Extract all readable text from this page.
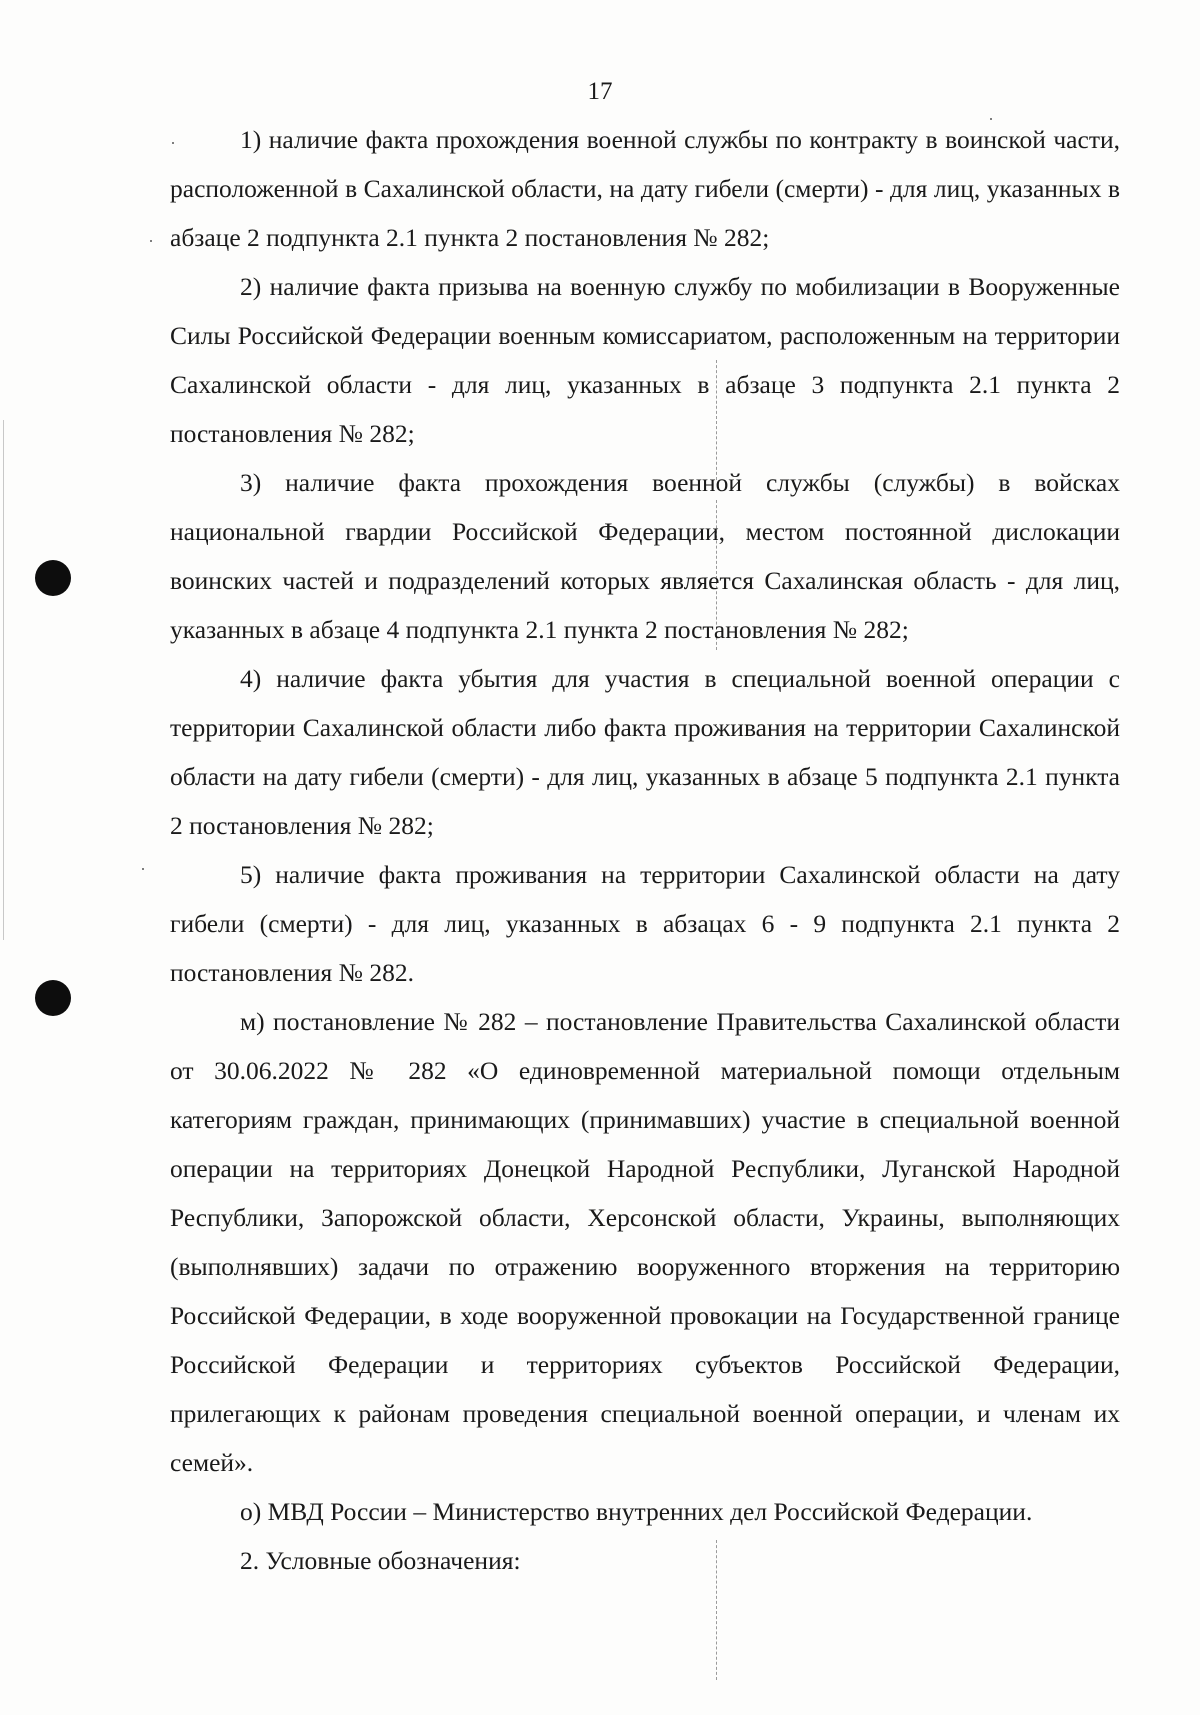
17

1) наличие факта прохождения военной службы по контракту в воинской части, расположенной в Сахалинской области, на дату гибели (смерти) - для лиц, указанных в абзаце 2 подпункта 2.1 пункта 2 постановления № 282;

2) наличие факта призыва на военную службу по мобилизации в Вооруженные Силы Российской Федерации военным комиссариатом, расположенным на территории Сахалинской области - для лиц, указанных в абзаце 3 подпункта 2.1 пункта 2 постановления № 282;

3) наличие факта прохождения военной службы (службы) в войсках национальной гвардии Российской Федерации, местом постоянной дислокации воинских частей и подразделений которых является Сахалинская область - для лиц, указанных в абзаце 4 подпункта 2.1 пункта 2 постановления № 282;

4) наличие факта убытия для участия в специальной военной операции с территории Сахалинской области либо факта проживания на территории Сахалинской области на дату гибели (смерти) - для лиц, указанных в абзаце 5 подпункта 2.1 пункта 2 постановления № 282;

5) наличие факта проживания на территории Сахалинской области на дату гибели (смерти) - для лиц, указанных в абзацах 6 - 9 подпункта 2.1 пункта 2 постановления № 282.

м) постановление № 282 – постановление Правительства Сахалинской области от 30.06.2022 № 282 «О единовременной материальной помощи отдельным категориям граждан, принимающих (принимавших) участие в специальной военной операции на территориях Донецкой Народной Республики, Луганской Народной Республики, Запорожской области, Херсонской области, Украины, выполняющих (выполнявших) задачи по отражению вооруженного вторжения на территорию Российской Федерации, в ходе вооруженной провокации на Государственной границе Российской Федерации и территориях субъектов Российской Федерации, прилегающих к районам проведения специальной военной операции, и членам их семей».

о) МВД России – Министерство внутренних дел Российской Федерации.

2. Условные обозначения:
